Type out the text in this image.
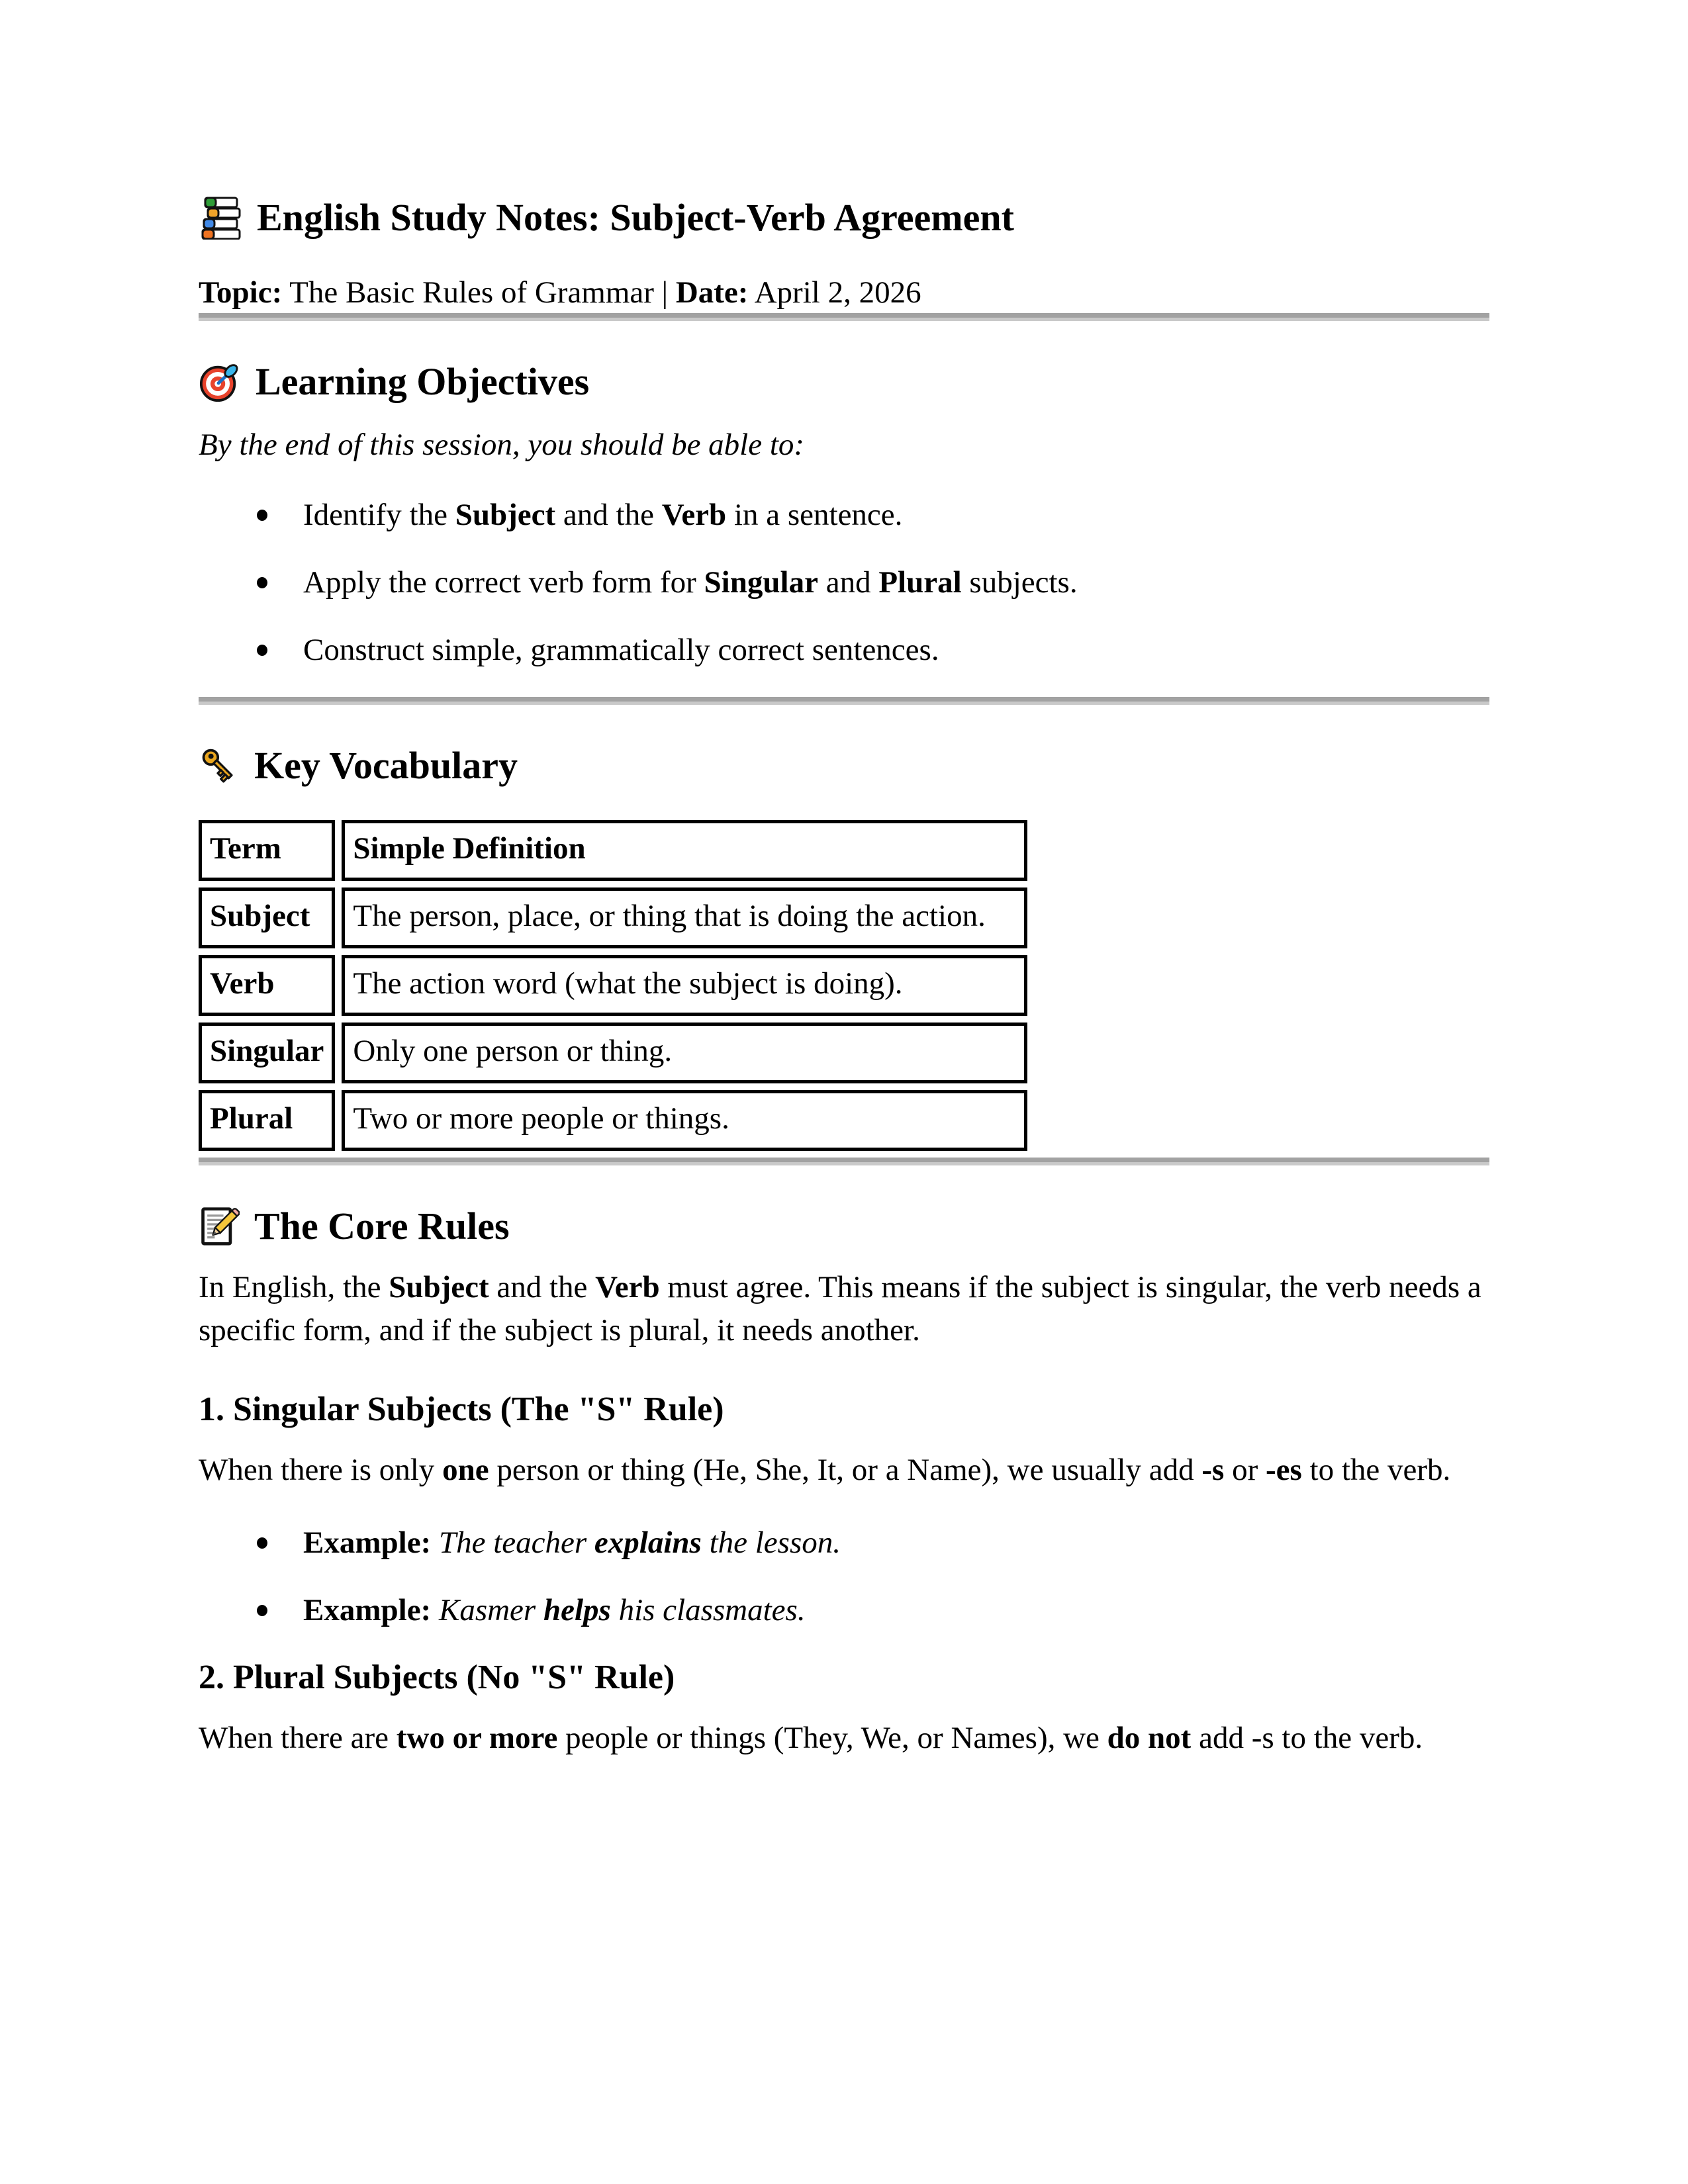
English Study Notes: Subject-Verb Agreement

Topic: The Basic Rules of Grammar | Date: April 2, 2026

Learning Objectives

By the end of this session, you should be able to:

Identify the Subject and the Verb in a sentence.
Apply the correct verb form for Singular and Plural subjects.
Construct simple, grammatically correct sentences.
Key Vocabulary
Term	Simple Definition
Subject	The person, place, or thing that is doing the action.
Verb	The action word (what the subject is doing).
Singular	Only one person or thing.
Plural	Two or more people or things.
The Core Rules

In English, the Subject and the Verb must agree. This means if the subject is singular, the verb needs a specific form, and if the subject is plural, it needs another.

1. Singular Subjects (The "S" Rule)

When there is only one person or thing (He, She, It, or a Name), we usually add -s or -es to the verb.

Example: The teacher explains the lesson.
Example: Kasmer helps his classmates.
2. Plural Subjects (No "S" Rule)

When there are two or more people or things (They, We, or Names), we do not add -s to the verb.
